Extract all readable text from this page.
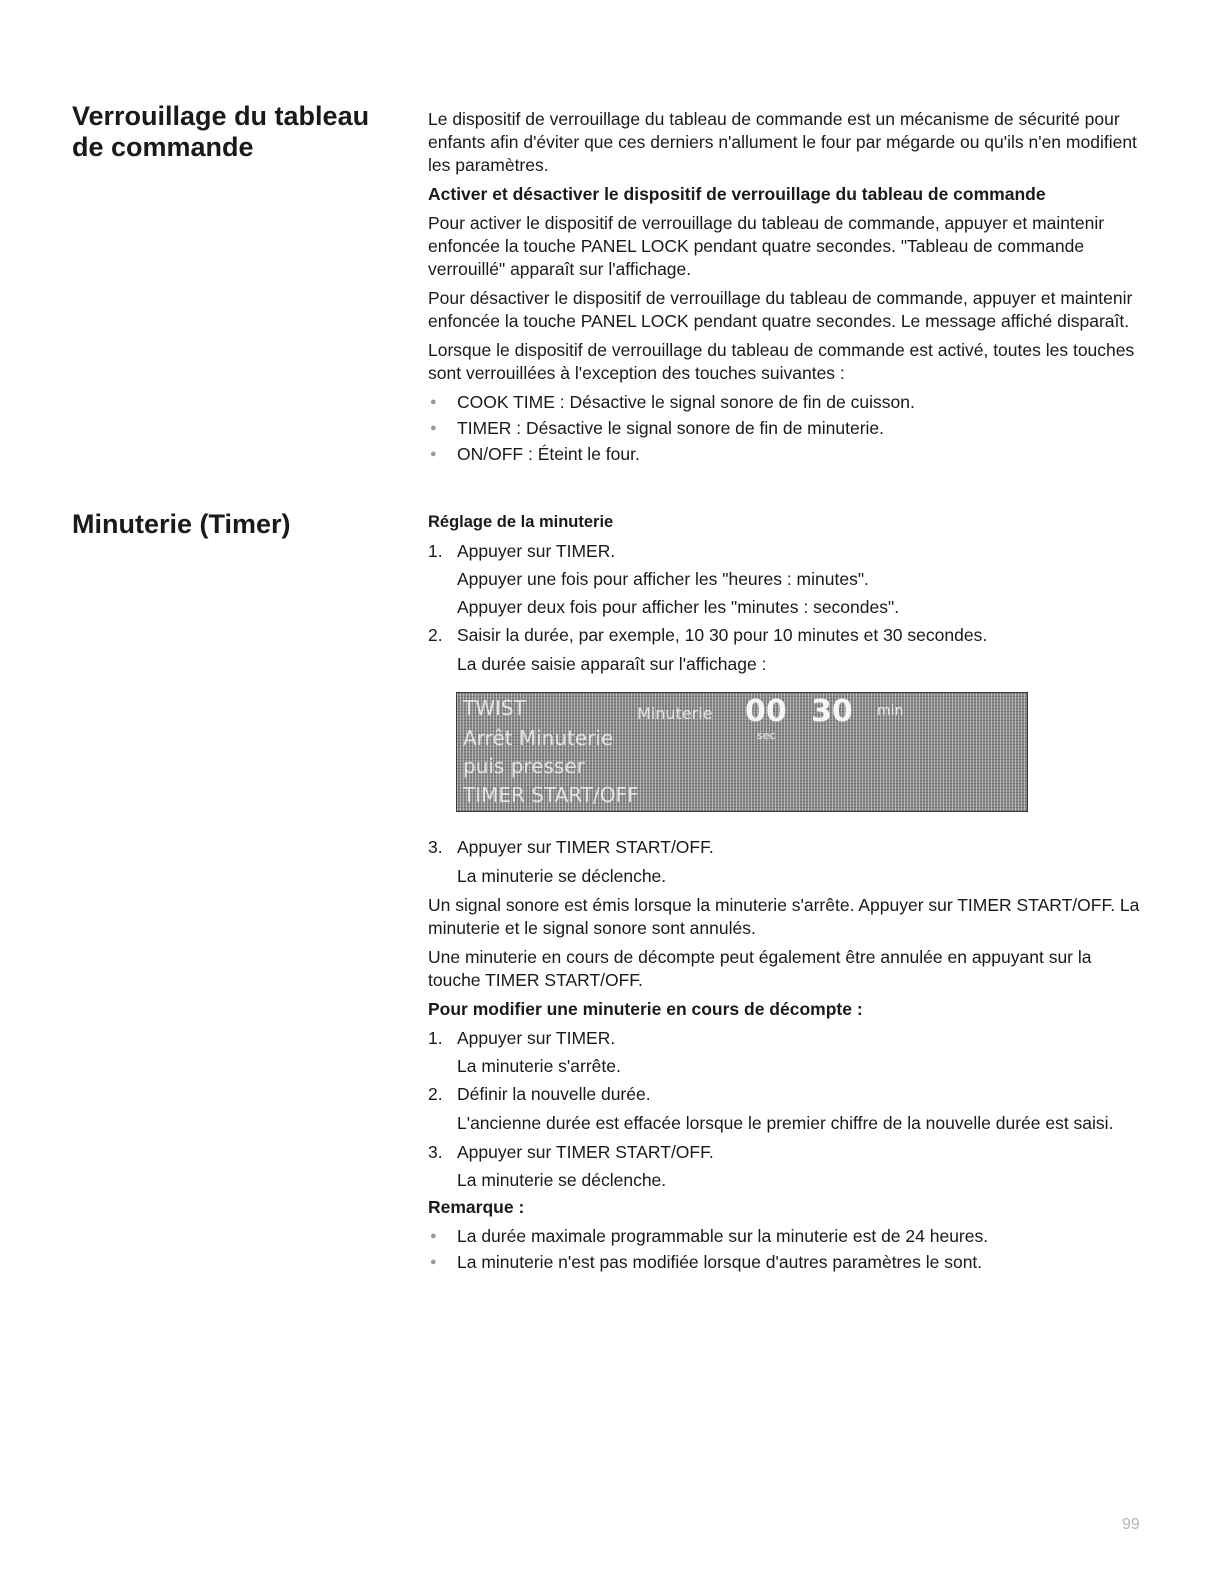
Verrouillage du tableau de commande
Minuterie (Timer)

Le dispositif de verrouillage du tableau de commande est un mécanisme de sécurité pour enfants afin d'éviter que ces derniers n'allument le four par mégarde ou qu'ils n'en modifient les paramètres.

Activer et désactiver le dispositif de verrouillage du tableau de commande

Pour activer le dispositif de verrouillage du tableau de commande, appuyer et maintenir enfoncée la touche PANEL LOCK pendant quatre secondes. "Tableau de commande verrouillé" apparaît sur l'affichage.

Pour désactiver le dispositif de verrouillage du tableau de commande, appuyer et maintenir enfoncée la touche PANEL LOCK pendant quatre secondes. Le message affiché disparaît.

Lorsque le dispositif de verrouillage du tableau de commande est activé, toutes les touches sont verrouillées à l'exception des touches suivantes :

● COOK TIME : Désactive le signal sonore de fin de cuisson.
● TIMER : Désactive le signal sonore de fin de minuterie.
● ON/OFF : Éteint le four.

Réglage de la minuterie

1. Appuyer sur TIMER.

Appuyer une fois pour afficher les "heures : minutes".

Appuyer deux fois pour afficher les "minutes : secondes".

2. Saisir la durée, par exemple, 10 30 pour 10 minutes et 30 secondes.

La durée saisie apparaît sur l'affichage :

TWIST
Arrêt Minuterie
puis presser
TIMER START/OFF
Minuterie 00 30 min
sec
3. Appuyer sur TIMER START/OFF.

La minuterie se déclenche.

Un signal sonore est émis lorsque la minuterie s'arrête. Appuyer sur TIMER START/OFF. La minuterie et le signal sonore sont annulés.

Une minuterie en cours de décompte peut également être annulée en appuyant sur la touche TIMER START/OFF.

Pour modifier une minuterie en cours de décompte :

1. Appuyer sur TIMER.

La minuterie s'arrête.

2. Définir la nouvelle durée.

L'ancienne durée est effacée lorsque le premier chiffre de la nouvelle durée est saisi.

3. Appuyer sur TIMER START/OFF.

La minuterie se déclenche.

Remarque :

● La durée maximale programmable sur la minuterie est de 24 heures.
● La minuterie n'est pas modifiée lorsque d'autres paramètres le sont.
99
